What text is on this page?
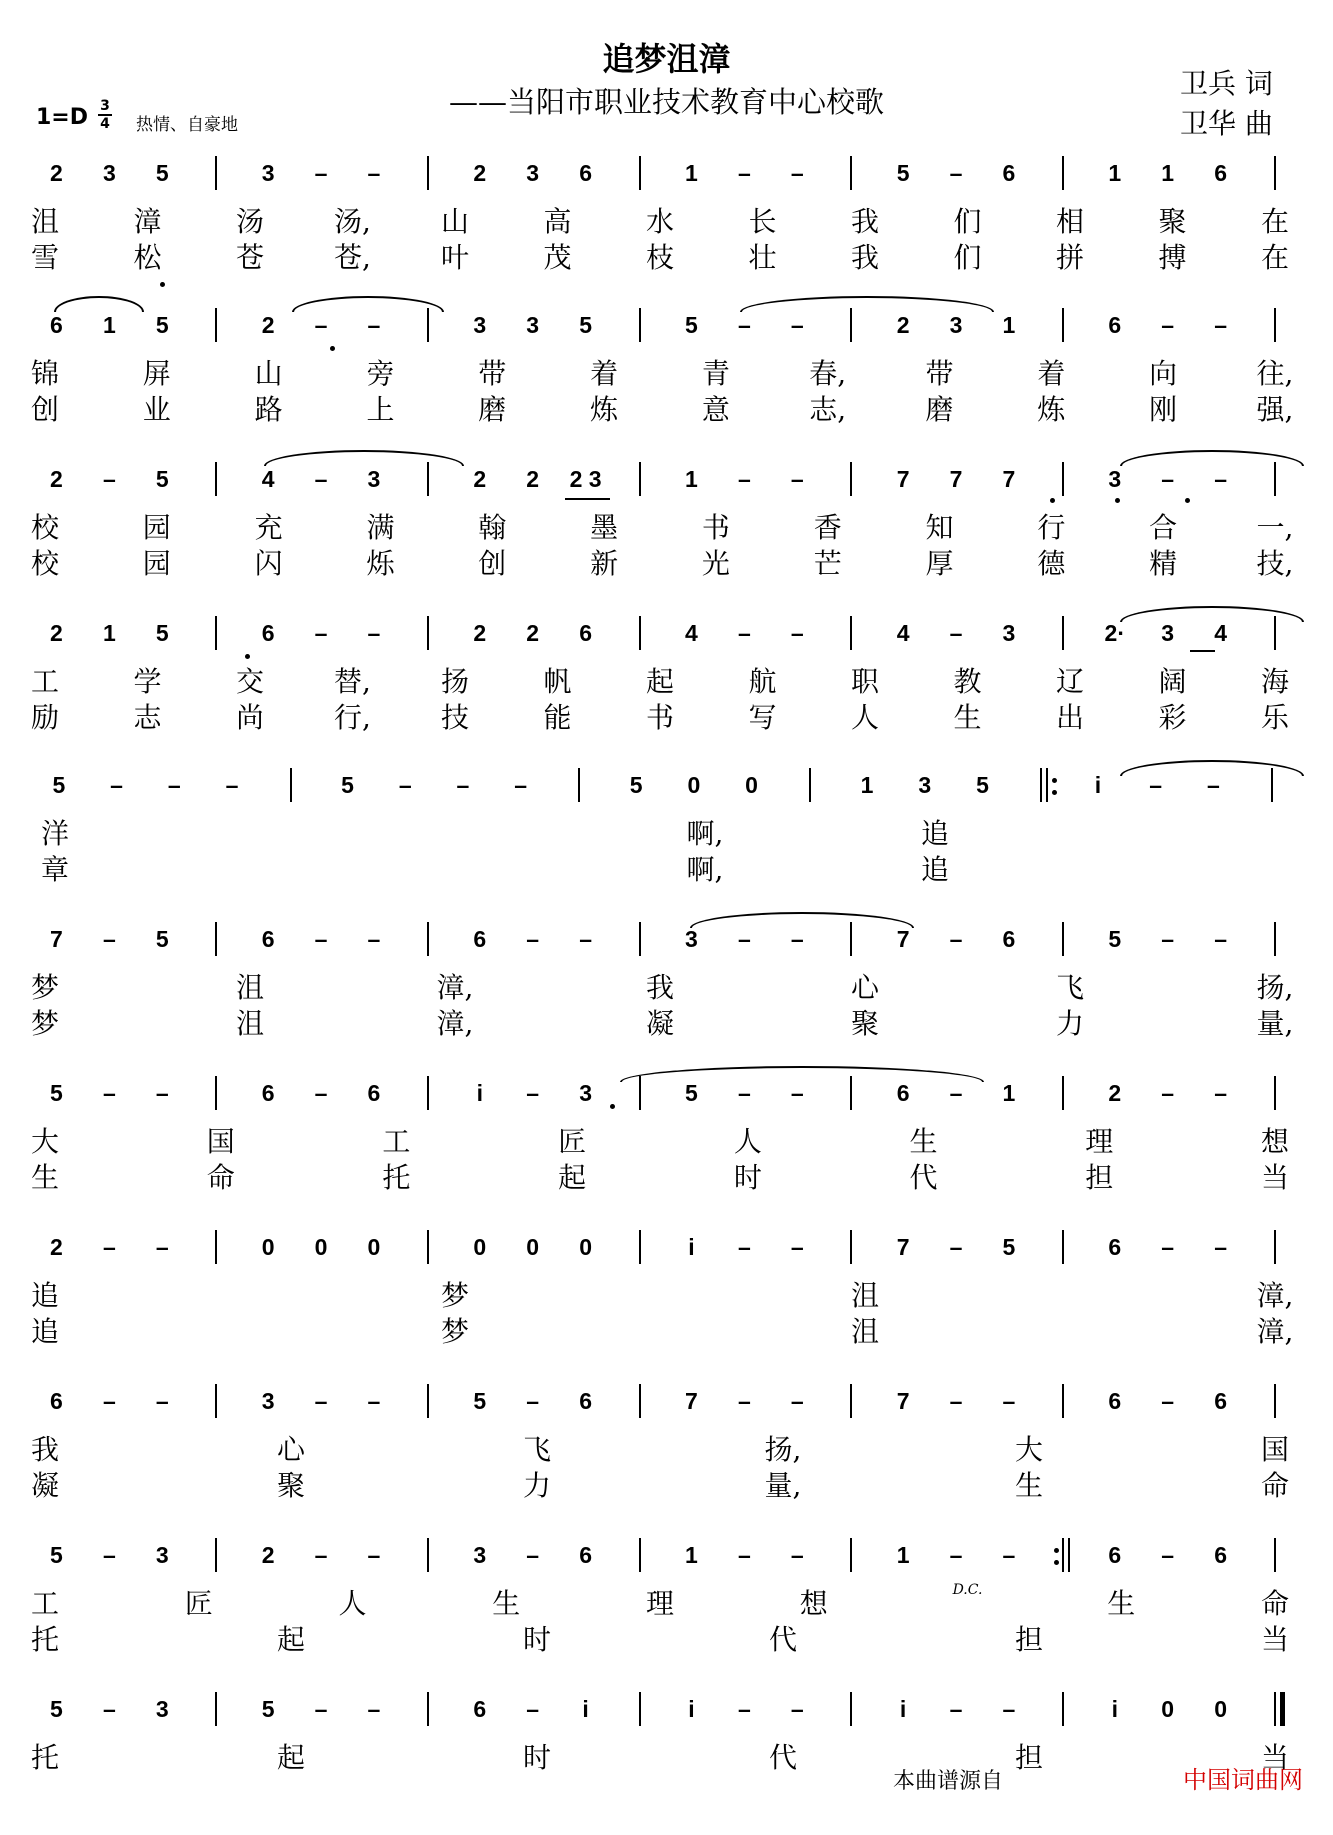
追梦沮漳
——当阳市职业技术教育中心校歌
卫兵 词
卫华 曲
1=D 3
4 热情、自豪地
2	3	5	3	–	–	2	3	6	1	–	–	5	–	6	1	1	6
沮	漳	汤	汤,	山	高	水	长	我	们	相	聚	在
雪	松	苍	苍,	叶	茂	枝	壮	我	们	拼	搏	在
6	1	5	2	–	–	3	3	5	5	–	–	2	3	1	6	–	–
锦	屏	山	旁	带	着	青	春,	带	着	向	往,
创	业	路	上	磨	炼	意	志,	磨	炼	刚	强,
2	–	5	4	–	3	2	2	2 3	1	–	–	7	7	7	3	–	–
校	园	充	满	翰	墨	书	香	知	行	合	一,
校	园	闪	烁	创	新	光	芒	厚	德	精	技,
2	1	5	6	–	–	2	2	6	4	–	–	4	–	3	2·	3	4
工	学	交	替,	扬	帆	起	航	职	教	辽	阔	海
励	志	尚	行,	技	能	书	写	人	生	出	彩	乐
5	–	–	–	5	–	–	–	5	0	0	1	3	5	i	–	–
洋	啊,	追
章	啊,	追
7	–	5	6	–	–	6	–	–	3	–	–	7	–	6	5	–	–
梦	沮	漳,	我	心	飞	扬,
梦	沮	漳,	凝	聚	力	量,
5	–	–	6	–	6	i	–	3	5	–	–	6	–	1	2	–	–
大	国	工	匠	人	生	理	想
生	命	托	起	时	代	担	当
2	–	–	0	0	0	0	0	0	i	–	–	7	–	5	6	–	–
追	梦	沮	漳,
追	梦	沮	漳,
6	–	–	3	–	–	5	–	6	7	–	–	7	–	–	6	–	6
我	心	飞	扬,	大	国
凝	聚	力	量,	生	命
5	–	3	2	–	–	3	–	6	1	–	–	1	–	–	6	–	6
工	匠	人	生	理	想	D.C.	生	命
托	起	时	代	担	当
5	–	3	5	–	–	6	–	i	i	–	–	i	–	–	i	0	0
托	起	时	代	担	当
本曲谱源自	中国词曲网
